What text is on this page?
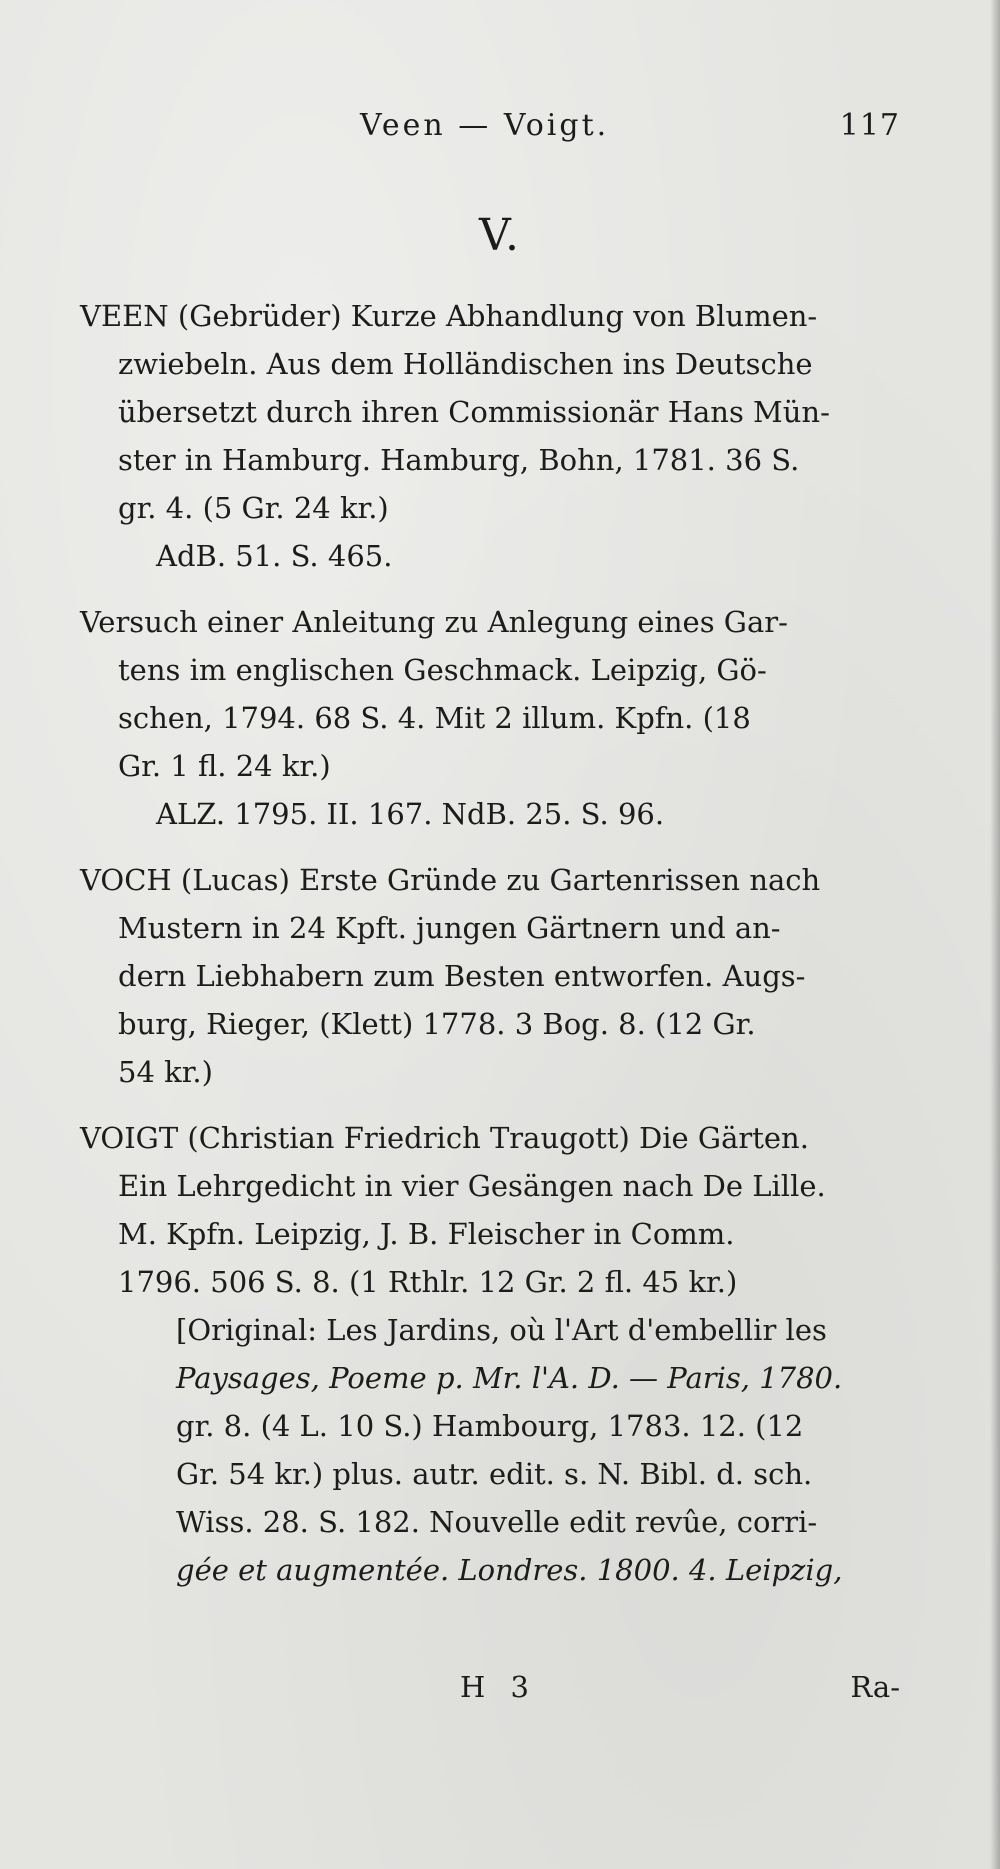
Veen — Voigt.	117
V.
VEEN (Gebrüder) Kurze Abhandlung von Blumen-
zwiebeln. Aus dem Holländischen ins Deutsche
übersetzt durch ihren Commissionär Hans Mün-
ster in Hamburg. Hamburg, Bohn, 1781. 36 S.
gr. 4. (5 Gr. 24 kr.)
AdB. 51. S. 465.
Versuch einer Anleitung zu Anlegung eines Gar-
tens im englischen Geschmack. Leipzig, Gö-
schen, 1794. 68 S. 4. Mit 2 illum. Kpfn. (18
Gr. 1 fl. 24 kr.)
ALZ. 1795. II. 167. NdB. 25. S. 96.
VOCH (Lucas) Erste Gründe zu Gartenrissen nach
Mustern in 24 Kpft. jungen Gärtnern und an-
dern Liebhabern zum Besten entworfen. Augs-
burg, Rieger, (Klett) 1778. 3 Bog. 8. (12 Gr.
54 kr.)
VOIGT (Christian Friedrich Traugott) Die Gärten.
Ein Lehrgedicht in vier Gesängen nach De Lille.
M. Kpfn. Leipzig, J. B. Fleischer in Comm.
1796. 506 S. 8. (1 Rthlr. 12 Gr. 2 fl. 45 kr.)
[Original: Les Jardins, où l'Art d'embellir les
Paysages, Poeme p. Mr. l'A. D. — Paris, 1780.
gr. 8. (4 L. 10 S.) Hambourg, 1783. 12. (12
Gr. 54 kr.) plus. autr. edit. s. N. Bibl. d. sch.
Wiss. 28. S. 182. Nouvelle edit revûe, corri-
gée et augmentée. Londres. 1800. 4. Leipzig,
H 3	Ra-
